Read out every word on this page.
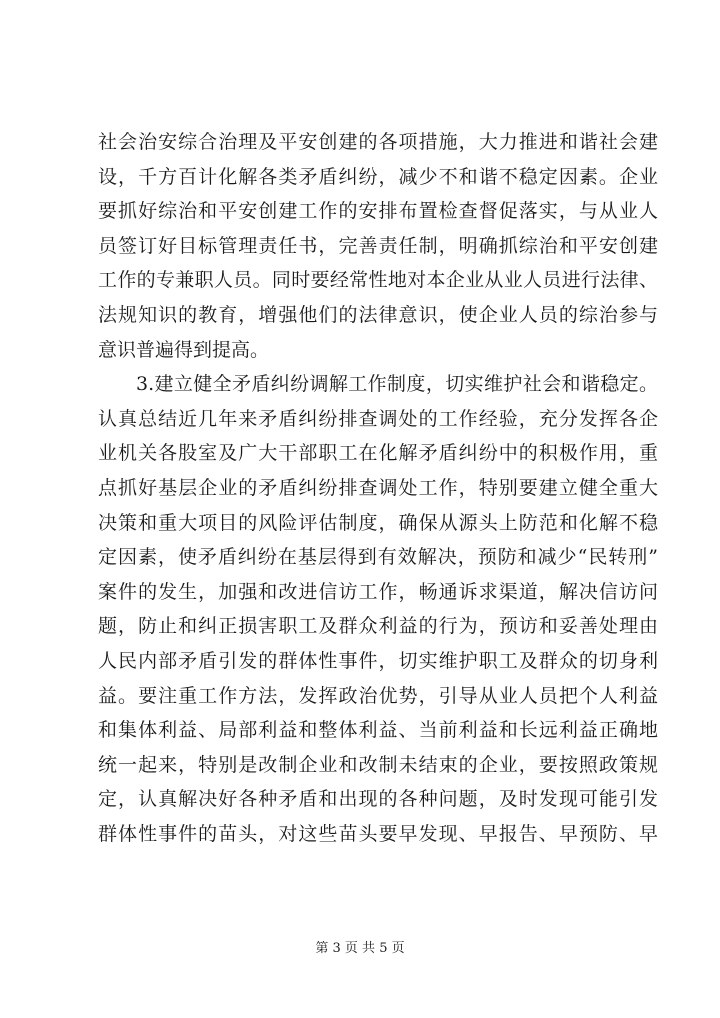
社会治安综合治理及平安创建的各项措施，大力推进和谐社会建
设，千方百计化解各类矛盾纠纷，减少不和谐不稳定因素。企业
要抓好综治和平安创建工作的安排布置检查督促落实，与从业人
员签订好目标管理责任书，完善责任制，明确抓综治和平安创建
工作的专兼职人员。同时要经常性地对本企业从业人员进行法律、
法规知识的教育，增强他们的法律意识，使企业人员的综治参与
意识普遍得到提高。
3.建立健全矛盾纠纷调解工作制度，切实维护社会和谐稳定。
认真总结近几年来矛盾纠纷排查调处的工作经验，充分发挥各企
业机关各股室及广大干部职工在化解矛盾纠纷中的积极作用，重
点抓好基层企业的矛盾纠纷排查调处工作，特别要建立健全重大
决策和重大项目的风险评估制度，确保从源头上防范和化解不稳
定因素，使矛盾纠纷在基层得到有效解决，预防和减少“民转刑”
案件的发生，加强和改进信访工作，畅通诉求渠道，解决信访问
题，防止和纠正损害职工及群众利益的行为，预访和妥善处理由
人民内部矛盾引发的群体性事件，切实维护职工及群众的切身利
益。要注重工作方法，发挥政治优势，引导从业人员把个人利益
和集体利益、局部利益和整体利益、当前利益和长远利益正确地
统一起来，特别是改制企业和改制未结束的企业，要按照政策规
定，认真解决好各种矛盾和出现的各种问题，及时发现可能引发
群体性事件的苗头，对这些苗头要早发现、早报告、早预防、早
第 3 页 共 5 页
